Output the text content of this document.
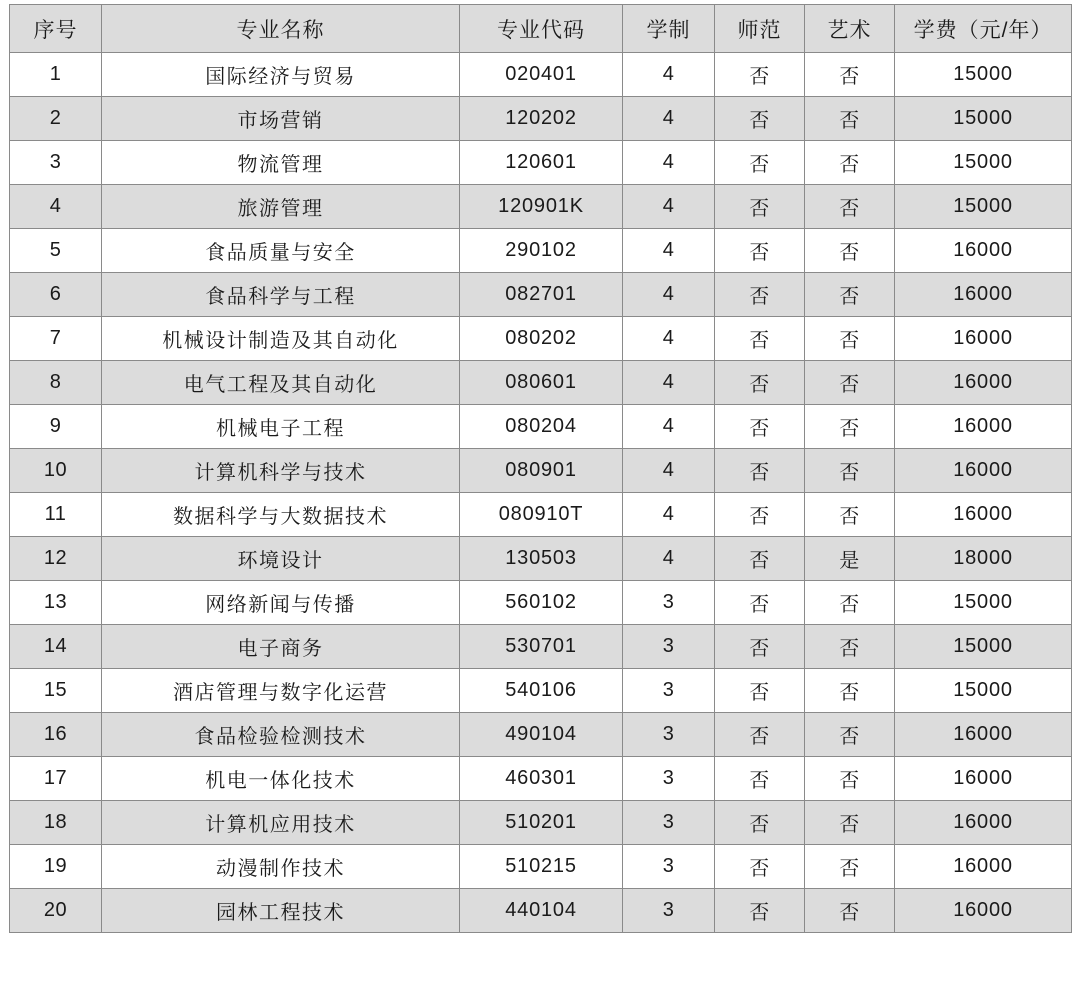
序号	专业名称	专业代码	学制	师范	艺术	学费（元/年）
1	国际经济与贸易	020401	4	否	否	15000
2	市场营销	120202	4	否	否	15000
3	物流管理	120601	4	否	否	15000
4	旅游管理	120901K	4	否	否	15000
5	食品质量与安全	290102	4	否	否	16000
6	食品科学与工程	082701	4	否	否	16000
7	机械设计制造及其自动化	080202	4	否	否	16000
8	电气工程及其自动化	080601	4	否	否	16000
9	机械电子工程	080204	4	否	否	16000
10	计算机科学与技术	080901	4	否	否	16000
11	数据科学与大数据技术	080910T	4	否	否	16000
12	环境设计	130503	4	否	是	18000
13	网络新闻与传播	560102	3	否	否	15000
14	电子商务	530701	3	否	否	15000
15	酒店管理与数字化运营	540106	3	否	否	15000
16	食品检验检测技术	490104	3	否	否	16000
17	机电一体化技术	460301	3	否	否	16000
18	计算机应用技术	510201	3	否	否	16000
19	动漫制作技术	510215	3	否	否	16000
20	园林工程技术	440104	3	否	否	16000
